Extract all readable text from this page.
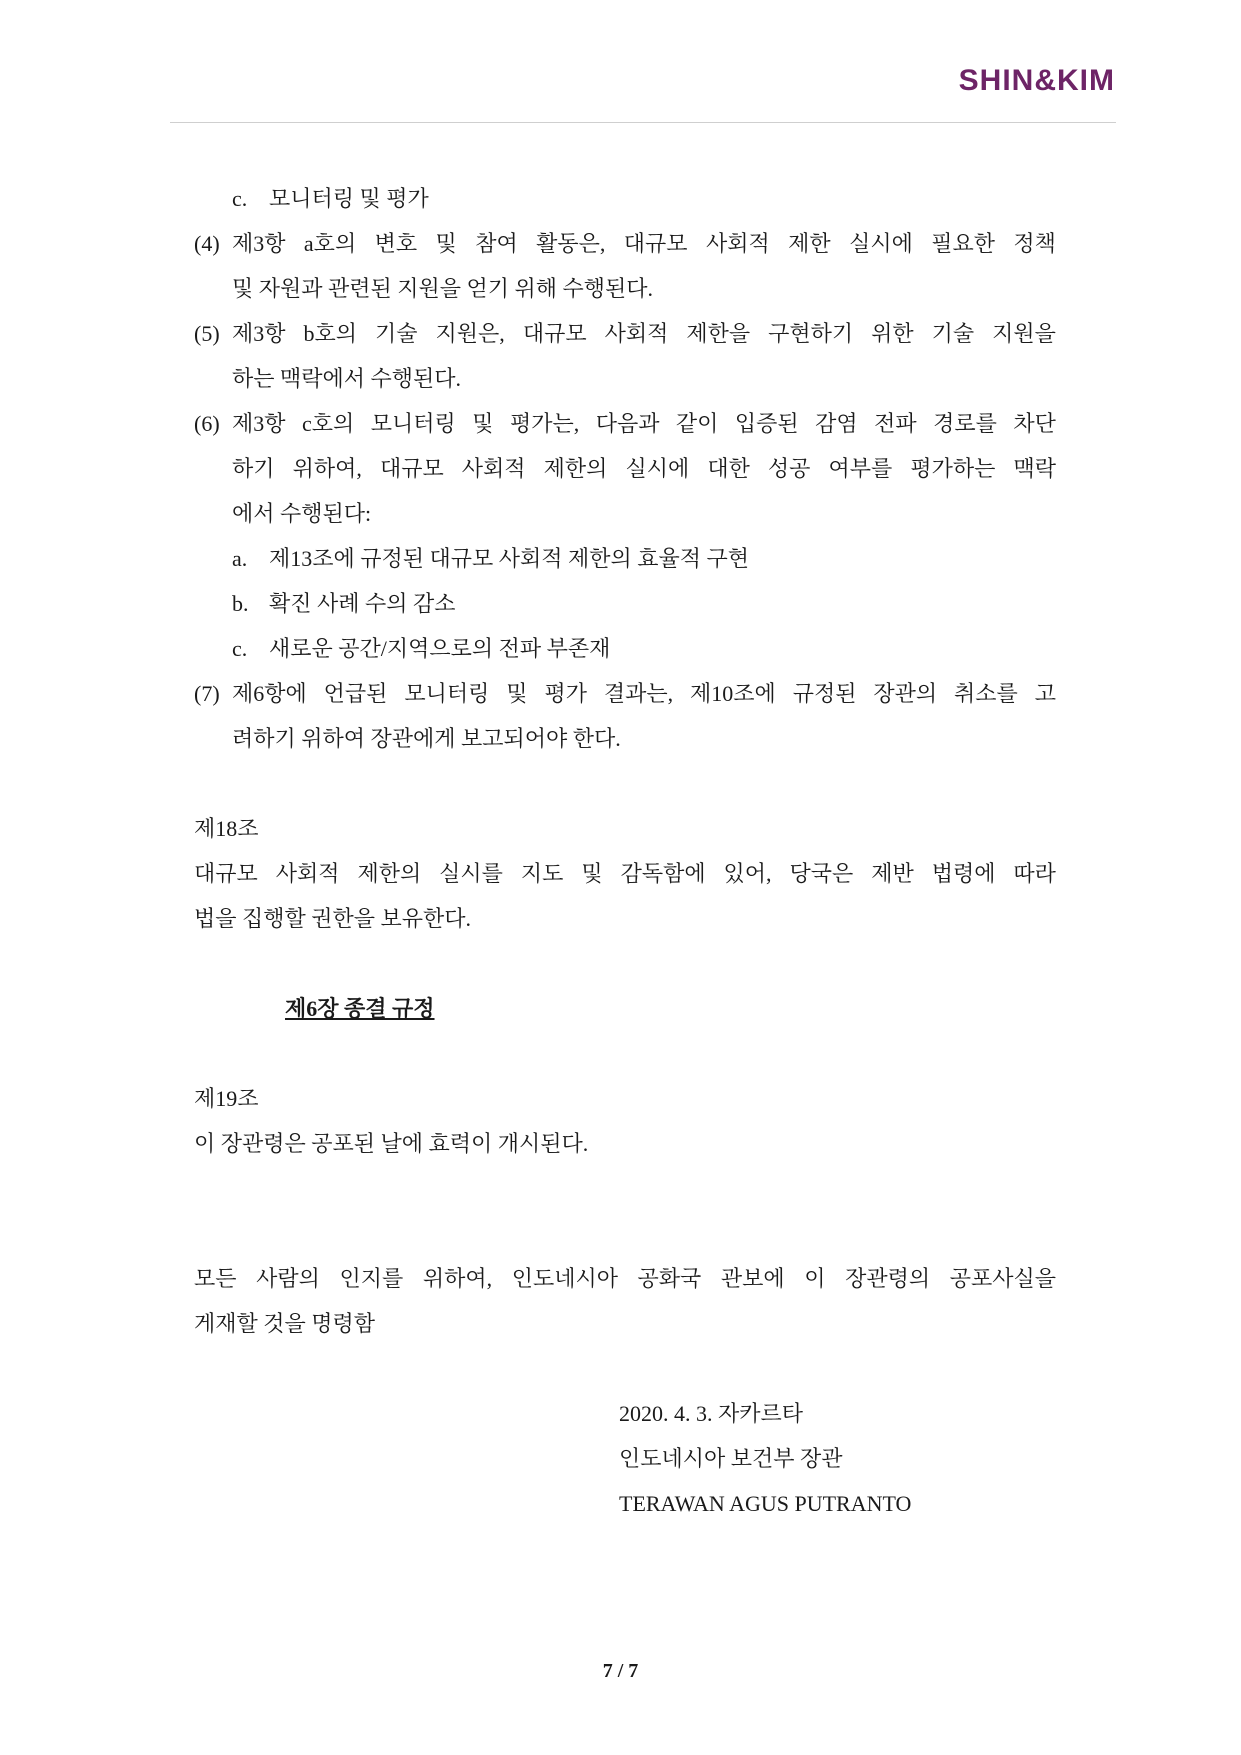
SHIN&KIM
c. 모니터링 및 평가
(4) 제3항 a호의 변호 및 참여 활동은, 대규모 사회적 제한 실시에 필요한 정책
및 자원과 관련된 지원을 얻기 위해 수행된다.
(5) 제3항 b호의 기술 지원은, 대규모 사회적 제한을 구현하기 위한 기술 지원을
하는 맥락에서 수행된다.
(6) 제3항 c호의 모니터링 및 평가는, 다음과 같이 입증된 감염 전파 경로를 차단
하기 위하여, 대규모 사회적 제한의 실시에 대한 성공 여부를 평가하는 맥락
에서 수행된다:
a. 제13조에 규정된 대규모 사회적 제한의 효율적 구현
b. 확진 사례 수의 감소
c. 새로운 공간/지역으로의 전파 부존재
(7) 제6항에 언급된 모니터링 및 평가 결과는, 제10조에 규정된 장관의 취소를 고
려하기 위하여 장관에게 보고되어야 한다.
제18조
대규모 사회적 제한의 실시를 지도 및 감독함에 있어, 당국은 제반 법령에 따라
법을 집행할 권한을 보유한다.
제6장 종결 규정
제19조
이 장관령은 공포된 날에 효력이 개시된다.
모든 사람의 인지를 위하여, 인도네시아 공화국 관보에 이 장관령의 공포사실을
게재할 것을 명령함
2020. 4. 3. 자카르타
인도네시아 보건부 장관
TERAWAN AGUS PUTRANTO
7 / 7
